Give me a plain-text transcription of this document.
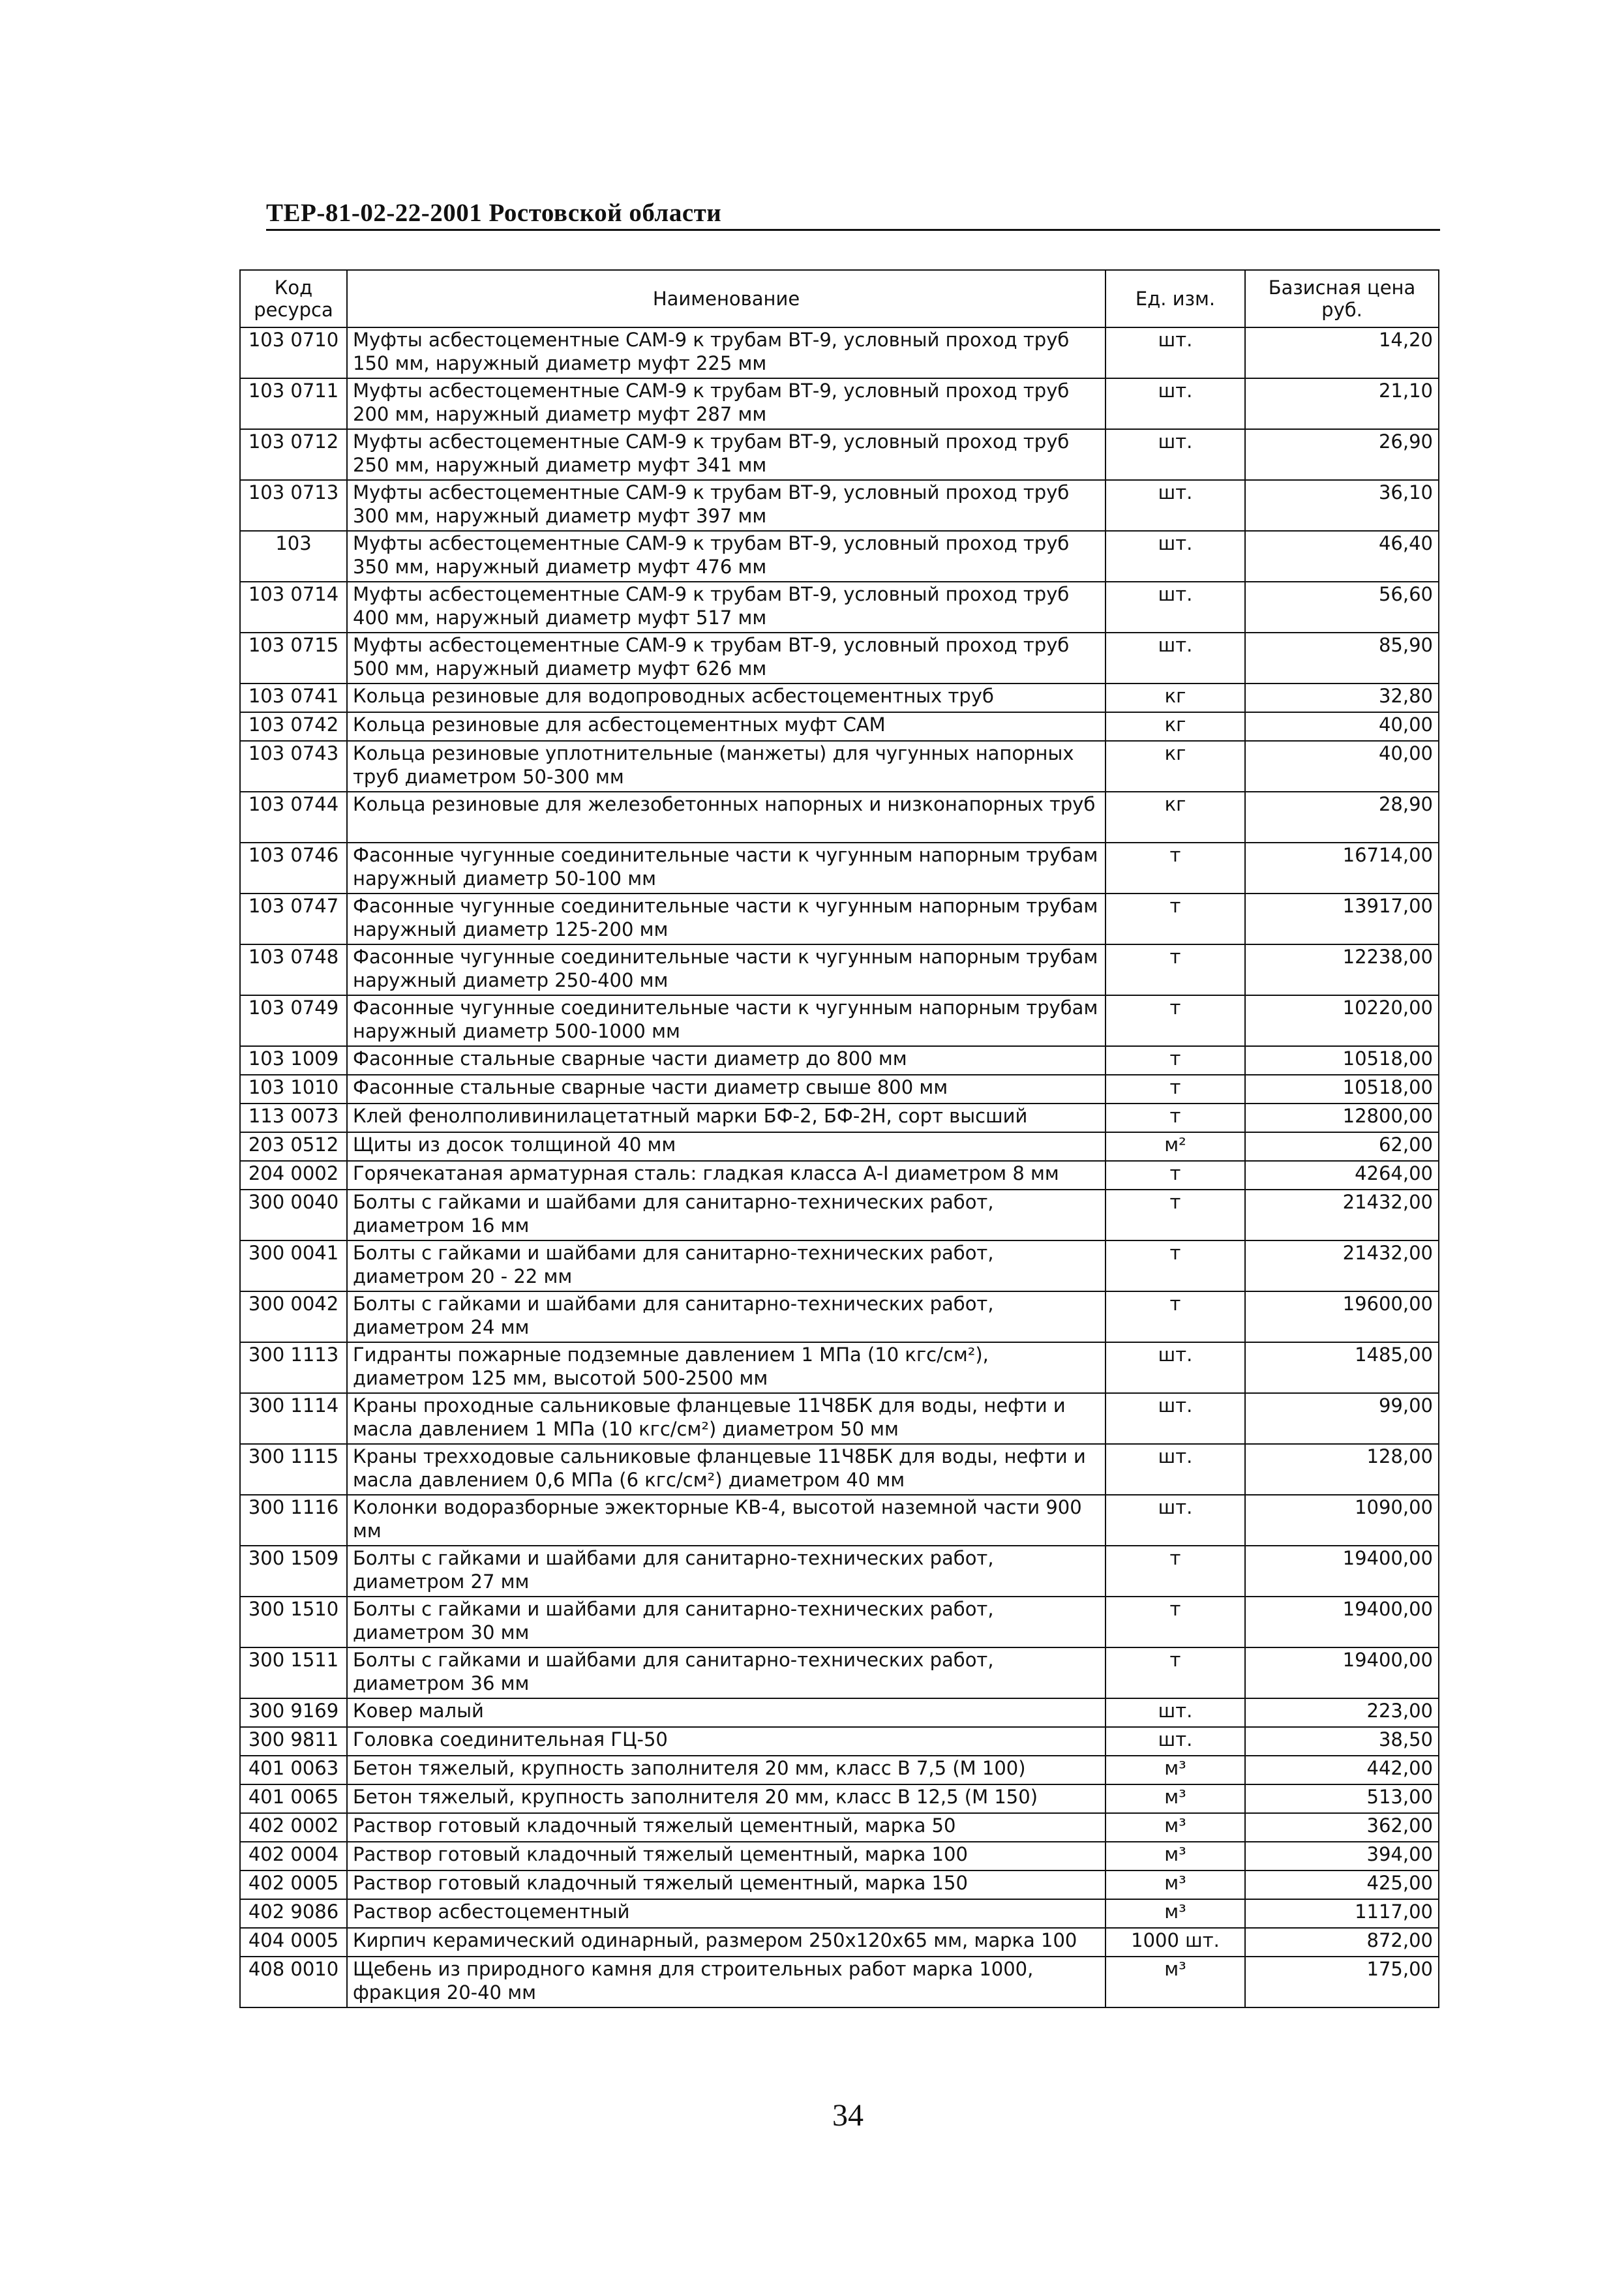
ТЕР-81-02-22-2001 Ростовской области
Код ресурса	Наименование	Ед. изм.	Базисная цена руб.
103 0710	Муфты асбестоцементные САМ-9 к трубам ВТ-9, условный проход труб 150 мм, наружный диаметр муфт 225 мм	шт.	14,20
103 0711	Муфты асбестоцементные САМ-9 к трубам ВТ-9, условный проход труб 200 мм, наружный диаметр муфт 287 мм	шт.	21,10
103 0712	Муфты асбестоцементные САМ-9 к трубам ВТ-9, условный проход труб 250 мм, наружный диаметр муфт 341 мм	шт.	26,90
103 0713	Муфты асбестоцементные САМ-9 к трубам ВТ-9, условный проход труб 300 мм, наружный диаметр муфт 397 мм	шт.	36,10
103	Муфты асбестоцементные САМ-9 к трубам ВТ-9, условный проход труб 350 мм, наружный диаметр муфт 476 мм	шт.	46,40
103 0714	Муфты асбестоцементные САМ-9 к трубам ВТ-9, условный проход труб 400 мм, наружный диаметр муфт 517 мм	шт.	56,60
103 0715	Муфты асбестоцементные САМ-9 к трубам ВТ-9, условный проход труб 500 мм, наружный диаметр муфт 626 мм	шт.	85,90
103 0741	Кольца резиновые для водопроводных асбестоцементных труб	кг	32,80
103 0742	Кольца резиновые для асбестоцементных муфт САМ	кг	40,00
103 0743	Кольца резиновые уплотнительные (манжеты) для чугунных напорных труб диаметром 50-300 мм	кг	40,00
103 0744	Кольца резиновые для железобетонных напорных и низконапорных труб	кг	28,90
103 0746	Фасонные чугунные соединительные части к чугунным напорным трубам наружный диаметр 50-100 мм	т	16714,00
103 0747	Фасонные чугунные соединительные части к чугунным напорным трубам наружный диаметр 125-200 мм	т	13917,00
103 0748	Фасонные чугунные соединительные части к чугунным напорным трубам наружный диаметр 250-400 мм	т	12238,00
103 0749	Фасонные чугунные соединительные части к чугунным напорным трубам наружный диаметр 500-1000 мм	т	10220,00
103 1009	Фасонные стальные сварные части диаметр до 800 мм	т	10518,00
103 1010	Фасонные стальные сварные части диаметр свыше 800 мм	т	10518,00
113 0073	Клей фенолполивинилацетатный марки БФ-2, БФ-2Н, сорт высший	т	12800,00
203 0512	Щиты из досок толщиной 40 мм	м²	62,00
204 0002	Горячекатаная арматурная сталь: гладкая класса А-I диаметром 8 мм	т	4264,00
300 0040	Болты с гайками и шайбами для санитарно-технических работ, диаметром 16 мм	т	21432,00
300 0041	Болты с гайками и шайбами для санитарно-технических работ, диаметром 20 - 22 мм	т	21432,00
300 0042	Болты с гайками и шайбами для санитарно-технических работ, диаметром 24 мм	т	19600,00
300 1113	Гидранты пожарные подземные давлением 1 МПа (10 кгс/см²), диаметром 125 мм, высотой 500-2500 мм	шт.	1485,00
300 1114	Краны проходные сальниковые фланцевые 11Ч8БК для воды, нефти и масла давлением 1 МПа (10 кгс/см²) диаметром 50 мм	шт.	99,00
300 1115	Краны трехходовые сальниковые фланцевые 11Ч8БК для воды, нефти и масла давлением 0,6 МПа (6 кгс/см²) диаметром 40 мм	шт.	128,00
300 1116	Колонки водоразборные эжекторные КВ-4, высотой наземной части 900 мм	шт.	1090,00
300 1509	Болты с гайками и шайбами для санитарно-технических работ, диаметром 27 мм	т	19400,00
300 1510	Болты с гайками и шайбами для санитарно-технических работ, диаметром 30 мм	т	19400,00
300 1511	Болты с гайками и шайбами для санитарно-технических работ, диаметром 36 мм	т	19400,00
300 9169	Ковер малый	шт.	223,00
300 9811	Головка соединительная ГЦ-50	шт.	38,50
401 0063	Бетон тяжелый, крупность заполнителя 20 мм, класс В 7,5 (М 100)	м³	442,00
401 0065	Бетон тяжелый, крупность заполнителя 20 мм, класс В 12,5 (М 150)	м³	513,00
402 0002	Раствор готовый кладочный тяжелый цементный, марка 50	м³	362,00
402 0004	Раствор готовый кладочный тяжелый цементный, марка 100	м³	394,00
402 0005	Раствор готовый кладочный тяжелый цементный, марка 150	м³	425,00
402 9086	Раствор асбестоцементный	м³	1117,00
404 0005	Кирпич керамический одинарный, размером 250х120х65 мм, марка 100	1000 шт.	872,00
408 0010	Щебень из природного камня для строительных работ марка 1000, фракция 20-40 мм	м³	175,00
34
